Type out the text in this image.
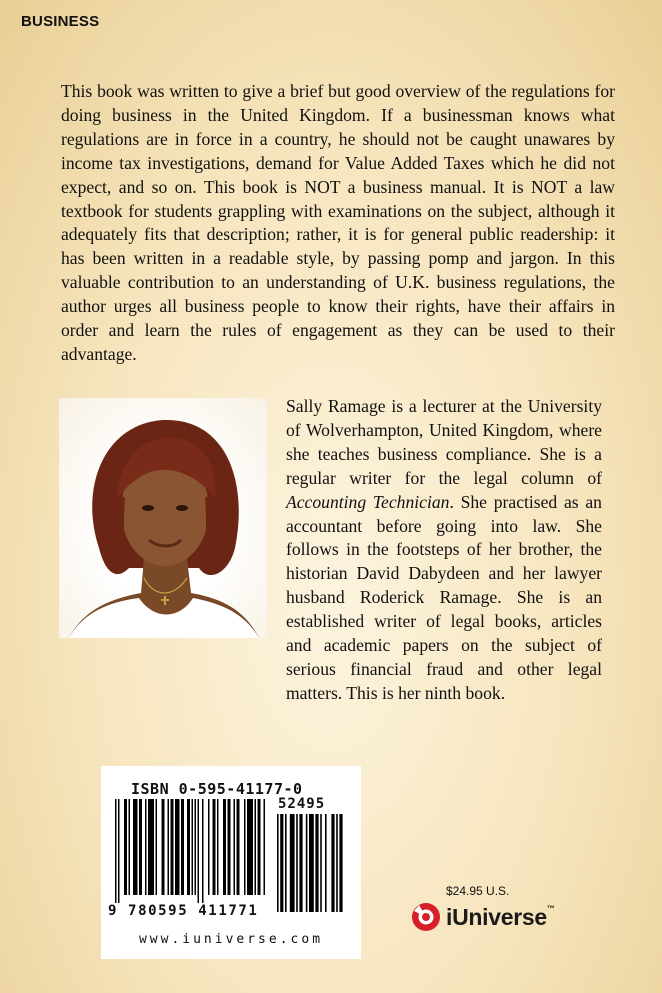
BUSINESS

This book was written to give a brief but good overview of the regulations for doing business in the United Kingdom. If a businessman knows what regulations are in force in a country, he should not be caught unawares by income tax investigations, demand for Value Added Taxes which he did not expect, and so on. This book is NOT a business manual. It is NOT a law textbook for students grappling with examinations on the subject, although it adequately fits that description; rather, it is for general public readership: it has been written in a readable style, by passing pomp and jargon. In this valuable contribution to an understanding of U.K. business regulations, the author urges all business people to know their rights, have their affairs in order and learn the rules of engagement as they can be used to their advantage.

Sally Ramage is a lecturer at the University of Wolverhampton, United Kingdom, where she teaches business compliance. She is a regular writer for the legal column of Accounting Technician. She practised as an accountant before going into law. She follows in the footsteps of her brother, the historian David Dabydeen and her lawyer husband Roderick Ramage. She is an established writer of legal books, articles and academic papers on the subject of serious financial fraud and other legal matters. This is her ninth book.

ISBN 0-595-41177-0
52495
9 780595 411771
www.iuniverse.com
$24.95 U.S.
iUniverse™
